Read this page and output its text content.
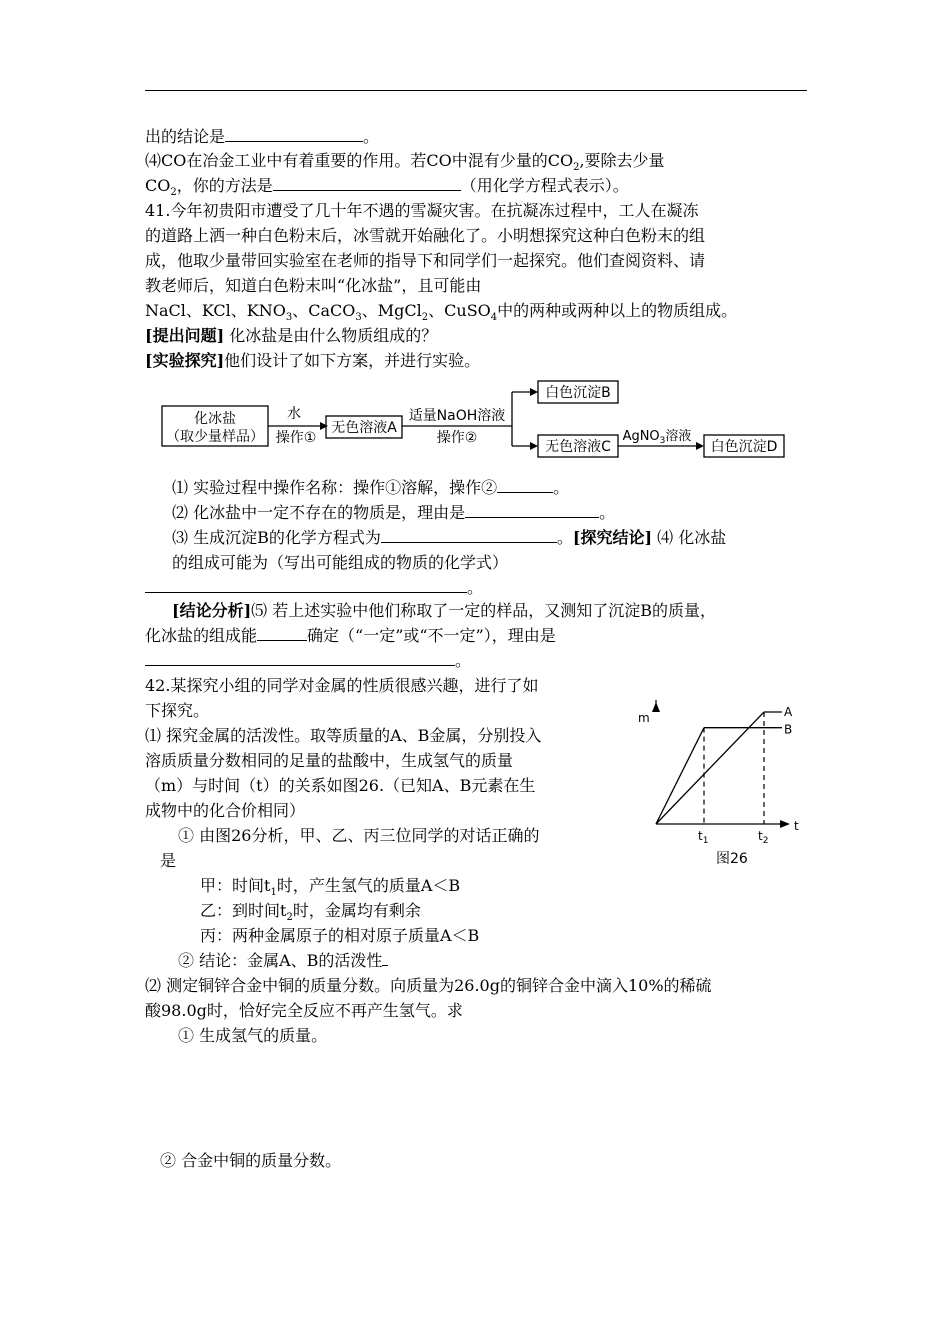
出的结论是	。
⑷CO在冶金工业中有着重要的作用。若CO中混有少量的$CO_2$,要除去少量
$CO_2$，你的方法是	（用化学方程式表示）。
41.今年初贵阳市遭受了几十年不遇的雪凝灾害。在抗凝冻过程中，工人在凝冻
的道路上洒一种白色粉末后，冰雪就开始融化了。小明想探究这种白色粉末的组
成，他取少量带回实验室在老师的指导下和同学们一起探究。他们查阅资料、请
教老师后，知道白色粉末叫“化冰盐”，且可能由
NaCl、KCl、$KNO_3$、CaCO$_3$、MgCl$_2$、CuSO$_4$中的两种或两种以上的物质组成。
[提出问题] 化冰盐是由什么物质组成的？
[实验探究]他们设计了如下方案，并进行实验。
化冰盐
（取少量样品）
水
操作①
无色溶液A
适量NaOH溶液
操作②
白色沉淀B
无色溶液C
AgNO$_3$溶液
白色沉淀D
⑴ 实验过程中操作名称：操作①溶解，操作②	。
⑵ 化冰盐中一定不存在的物质是，理由是	。
⑶ 生成沉淀B的化学方程式为	。[探究结论] ⑷ 化冰盐
的组成可能为（写出可能组成的物质的化学式）
。
[结论分析]⑸ 若上述实验中他们称取了一定的样品，又测知了沉淀B的质量，
化冰盐的组成能	确定（“一定”或“不一定”），理由是
。
42.某探究小组的同学对金属的性质很感兴趣，进行了如
下探究。
⑴ 探究金属的活泼性。取等质量的A、B金属，分别投入
溶质质量分数相同的足量的盐酸中，生成氢气的质量
（m）与时间（t）的关系如图26.（已知A、B元素在生
成物中的化合价相同）
① 由图26分析，甲、乙、丙三位同学的对话正确的
是
甲：时间$t_1$时，产生氢气的质量A＜B
乙：到时间$t_2$时，金属均有剩余
丙：两种金属原子的相对原子质量A＜B
② 结论：金属A、B的活泼性
⑵ 测定铜锌合金中铜的质量分数。向质量为26.0g的铜锌合金中滴入10%的稀硫
酸98.0g时，恰好完全反应不再产生氢气。求
① 生成氢气的质量。
② 合金中铜的质量分数。
m
t
A
B
$t_1$	$t_2$
图26
